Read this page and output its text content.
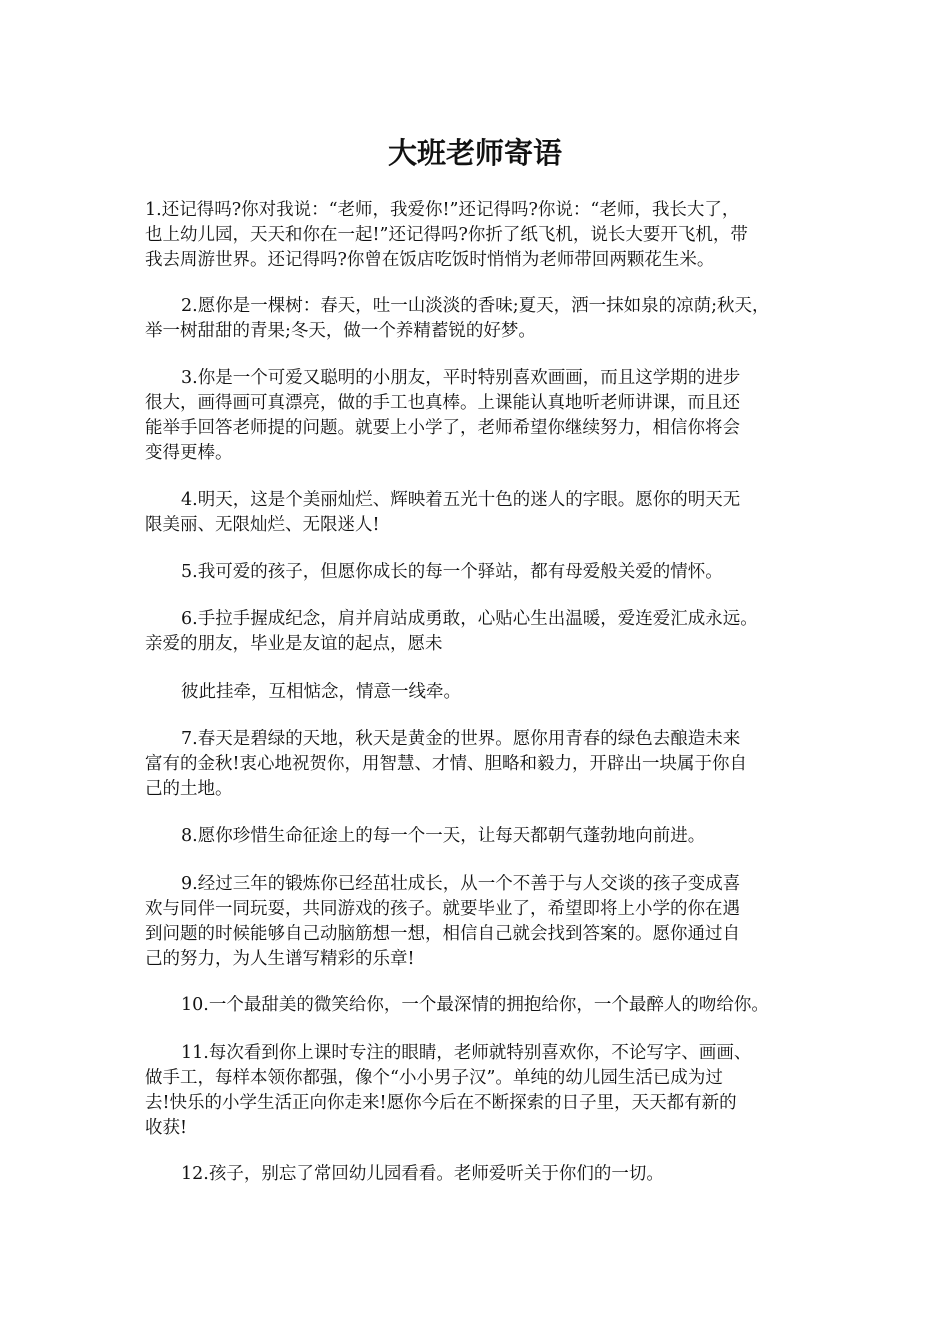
大班老师寄语

1.还记得吗?你对我说：“老师，我爱你!”还记得吗?你说：“老师，我长大了，
也上幼儿园，天天和你在一起!”还记得吗?你折了纸飞机，说长大要开飞机，带
我去周游世界。还记得吗?你曾在饭店吃饭时悄悄为老师带回两颗花生米。

2.愿你是一棵树：春天，吐一山淡淡的香味;夏天，洒一抹如泉的凉荫;秋天，
举一树甜甜的青果;冬天，做一个养精蓄锐的好梦。

3.你是一个可爱又聪明的小朋友，平时特别喜欢画画，而且这学期的进步
很大，画得画可真漂亮，做的手工也真棒。上课能认真地听老师讲课，而且还
能举手回答老师提的问题。就要上小学了，老师希望你继续努力，相信你将会
变得更棒。

4.明天，这是个美丽灿烂、辉映着五光十色的迷人的字眼。愿你的明天无
限美丽、无限灿烂、无限迷人!

5.我可爱的孩子，但愿你成长的每一个驿站，都有母爱般关爱的情怀。

6.手拉手握成纪念，肩并肩站成勇敢，心贴心生出温暖，爱连爱汇成永远。
亲爱的朋友，毕业是友谊的起点，愿未

彼此挂牵，互相惦念，情意一线牵。

7.春天是碧绿的天地，秋天是黄金的世界。愿你用青春的绿色去酿造未来
富有的金秋!衷心地祝贺你，用智慧、才情、胆略和毅力，开辟出一块属于你自
己的土地。

8.愿你珍惜生命征途上的每一个一天，让每天都朝气蓬勃地向前进。

9.经过三年的锻炼你已经茁壮成长，从一个不善于与人交谈的孩子变成喜
欢与同伴一同玩耍，共同游戏的孩子。就要毕业了，希望即将上小学的你在遇
到问题的时候能够自己动脑筋想一想，相信自己就会找到答案的。愿你通过自
己的努力，为人生谱写精彩的乐章!

10.一个最甜美的微笑给你，一个最深情的拥抱给你，一个最醉人的吻给你。

11.每次看到你上课时专注的眼睛，老师就特别喜欢你，不论写字、画画、
做手工，每样本领你都强，像个“小小男子汉”。单纯的幼儿园生活已成为过
去!快乐的小学生活正向你走来!愿你今后在不断探索的日子里，天天都有新的
收获!

12.孩子，别忘了常回幼儿园看看。老师爱听关于你们的一切。
